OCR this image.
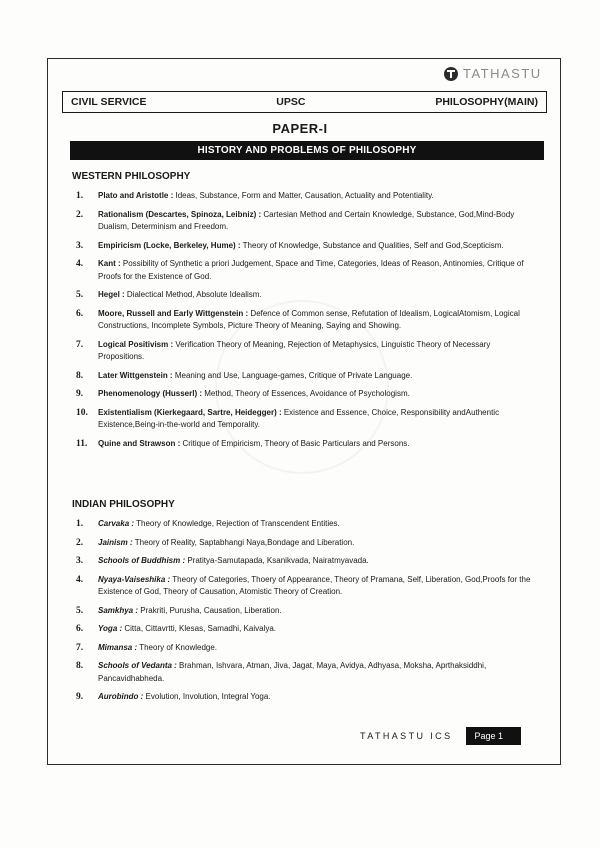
TATHASTU
CIVIL SERVICE	UPSC	PHILOSOPHY(MAIN)
PAPER-I
HISTORY AND PROBLEMS OF PHILOSOPHY
WESTERN PHILOSOPHY
1.	Plato and Aristotle : Ideas, Substance, Form and Matter, Causation, Actuality and Potentiality.
2.	Rationalism (Descartes, Spinoza, Leibniz) : Cartesian Method and Certain Knowledge, Substance, God,Mind-Body Dualism, Determinism and Freedom.
3.	Empiricism (Locke, Berkeley, Hume) : Theory of Knowledge, Substance and Qualities, Self and God,Scepticism.
4.	Kant : Possibility of Synthetic a priori Judgement, Space and Time, Categories, Ideas of Reason, Antinomies, Critique of Proofs for the Existence of God.
5.	Hegel : Dialectical Method, Absolute Idealism.
6.	Moore, Russell and Early Wittgenstein : Defence of Common sense, Refutation of Idealism, LogicalAtomism, Logical Constructions, Incomplete Symbols, Picture Theory of Meaning, Saying and Showing.
7.	Logical Positivism : Verification Theory of Meaning, Rejection of Metaphysics, Linguistic Theory of Necessary Propositions.
8.	Later Wittgenstein : Meaning and Use, Language-games, Critique of Private Language.
9.	Phenomenology (Husserl) : Method, Theory of Essences, Avoidance of Psychologism.
10.	Existentialism (Kierkegaard, Sartre, Heidegger) : Existence and Essence, Choice, Responsibility andAuthentic Existence,Being-in-the-world and Temporality.
11.	Quine and Strawson : Critique of Empiricism, Theory of Basic Particulars and Persons.
INDIAN PHILOSOPHY
1.	Carvaka : Theory of Knowledge, Rejection of Transcendent Entities.
2.	Jainism : Theory of Reality, Saptabhangi Naya,Bondage and Liberation.
3.	Schools of Buddhism : Pratitya-Samutapada, Ksanikvada, Nairatmyavada.
4.	Nyaya-Vaiseshika : Theory of Categories, Thoery of Appearance, Theory of Pramana, Self, Liberation, God,Proofs for the Existence of God, Theory of Causation, Atomistic Theory of Creation.
5.	Samkhya : Prakriti, Purusha, Causation, Liberation.
6.	Yoga : Citta, Cittavrtti, Klesas, Samadhi, Kaivalya.
7.	Mimansa : Theory of Knowledge.
8.	Schools of Vedanta : Brahman, Ishvara, Atman, Jiva, Jagat, Maya, Avidya, Adhyasa, Moksha, Aprthaksiddhi, Pancavidhabheda.
9.	Aurobindo : Evolution, Involution, Integral Yoga.
TATHASTU ICS	Page 1
